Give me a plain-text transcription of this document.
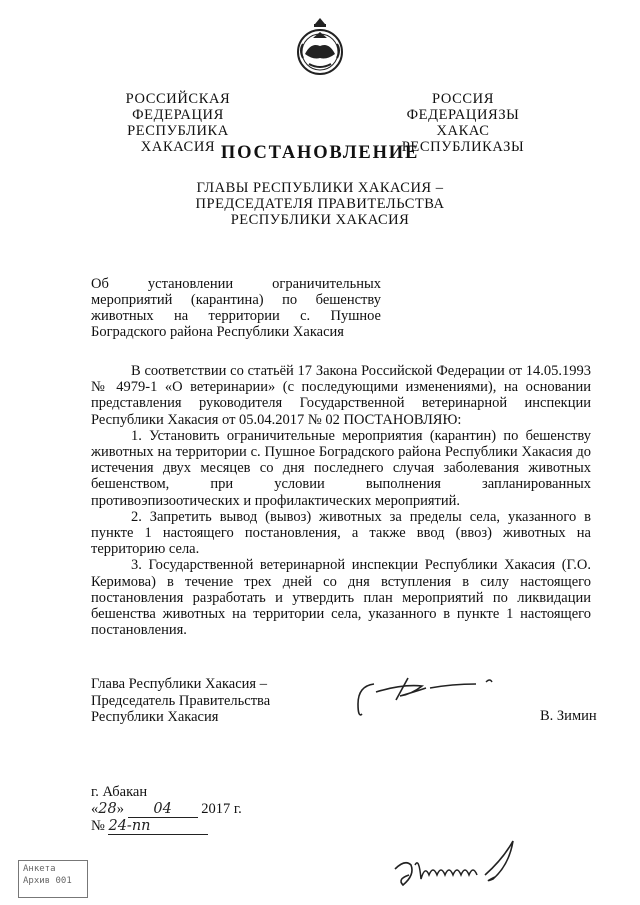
РОССИЙСКАЯ ФЕДЕРАЦИЯ
РЕСПУБЛИКА ХАКАСИЯ
РОССИЯ ФЕДЕРАЦИЯЗЫ
ХАКАС РЕСПУБЛИКАЗЫ
ПОСТАНОВЛЕНИЕ
ГЛАВЫ РЕСПУБЛИКИ ХАКАСИЯ –
ПРЕДСЕДАТЕЛЯ ПРАВИТЕЛЬСТВА
РЕСПУБЛИКИ ХАКАСИЯ
Об установлении ограничительных мероприятий (карантина) по бешенству животных на территории с. Пушное Боградского района Республики Хакасия

В соответствии со статьёй 17 Закона Российской Федерации от 14.05.1993 № 4979-1 «О ветеринарии» (с последующими изменениями), на основании представления руководителя Государственной ветеринарной инспекции Республики Хакасия от 05.04.2017 № 02 ПОСТАНОВЛЯЮ:

1. Установить ограничительные мероприятия (карантин) по бешенству животных на территории с. Пушное Боградского района Республики Хакасия до истечения двух месяцев со дня последнего случая заболевания животных бешенством, при условии выполнения запланированных противоэпизоотических и профилактических мероприятий.

2. Запретить вывод (вывоз) животных за пределы села, указанного в пункте 1 настоящего постановления, а также ввод (ввоз) животных на территорию села.

3. Государственной ветеринарной инспекции Республики Хакасия (Г.О. Керимова) в течение трех дней со дня вступления в силу настоящего постановления разработать и утвердить план мероприятий по ликвидации бешенства животных на территории села, указанного в пункте 1 настоящего постановления.

Глава Республики Хакасия –
Председатель Правительства
Республики Хакасия	В. Зимин
г. Абакан
«28» 04 2017 г.
№ 24-пп
Анкета
Архив 001
